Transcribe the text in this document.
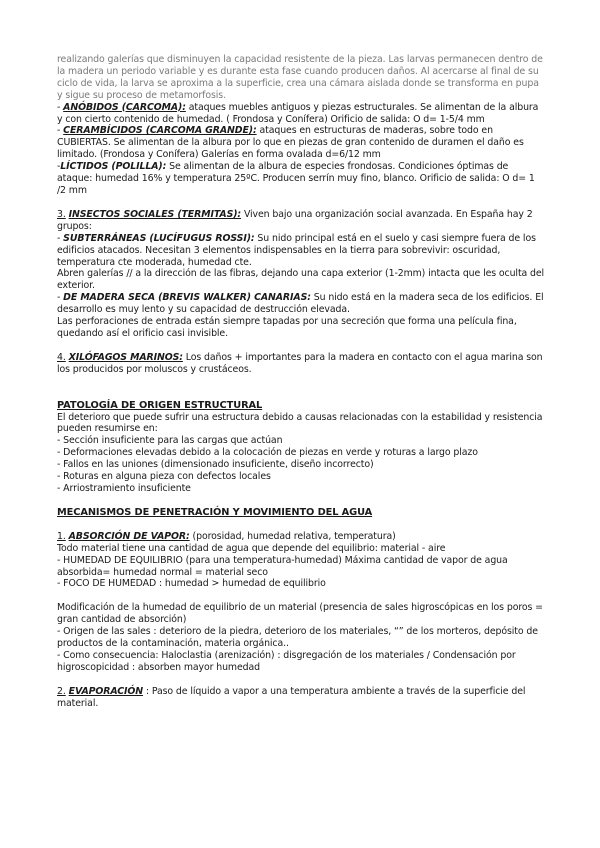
realizando galerías que disminuyen la capacidad resistente de la pieza. Las larvas permanecen dentro de la madera un periodo variable y es durante esta fase cuando producen daños. Al acercarse al final de su ciclo de vida, la larva se aproxima a la superficie, crea una cámara aislada donde se transforma en pupa y sigue su proceso de metamorfosis.

- ANÓBIDOS (CARCOMA): ataques muebles antiguos y piezas estructurales. Se alimentan de la albura y con cierto contenido de humedad. ( Frondosa y Conífera) Orificio de salida: O d= 1-5/4 mm

- CERAMBÍCIDOS (CARCOMA GRANDE): ataques en estructuras de maderas, sobre todo en CUBIERTAS. Se alimentan de la albura por lo que en piezas de gran contenido de duramen el daño es limitado. (Frondosa y Conífera) Galerías en forma ovalada d=6/12 mm

-LÍCTIDOS (POLILLA): Se alimentan de la albura de especies frondosas. Condiciones óptimas de ataque: humedad 16% y temperatura 25ºC. Producen serrín muy fino, blanco. Orificio de salida: O d= 1 /2 mm

3. INSECTOS SOCIALES (TERMITAS): Viven bajo una organización social avanzada. En España hay 2 grupos:

- SUBTERRÁNEAS (LUCÍFUGUS ROSSI): Su nido principal está en el suelo y casi siempre fuera de los edificios atacados. Necesitan 3 elementos indispensables en la tierra para sobrevivir: oscuridad, temperatura cte moderada, humedad cte.

Abren galerías // a la dirección de las fibras, dejando una capa exterior (1-2mm) intacta que les oculta del exterior.

- DE MADERA SECA (BREVIS WALKER) CANARIAS: Su nido está en la madera seca de los edificios. El desarrollo es muy lento y su capacidad de destrucción elevada.

Las perforaciones de entrada están siempre tapadas por una secreción que forma una película fina, quedando así el orificio casi invisible.

4. XILÓFAGOS MARINOS: Los daños + importantes para la madera en contacto con el agua marina son los producidos por moluscos y crustáceos.

PATOLOGÍA DE ORIGEN ESTRUCTURAL

El deterioro que puede sufrir una estructura debido a causas relacionadas con la estabilidad y resistencia pueden resumirse en:

- Sección insuficiente para las cargas que actúan

- Deformaciones elevadas debido a la colocación de piezas en verde y roturas a largo plazo

- Fallos en las uniones (dimensionado insuficiente, diseño incorrecto)

- Roturas en alguna pieza con defectos locales

- Arriostramiento insuficiente

MECANISMOS DE PENETRACIÓN Y MOVIMIENTO DEL AGUA

1. ABSORCIÓN DE VAPOR: (porosidad, humedad relativa, temperatura)

Todo material tiene una cantidad de agua que depende del equilibrio: material - aire

- HUMEDAD DE EQUILIBRIO (para una temperatura-humedad) Máxima cantidad de vapor de agua absorbida= humedad normal = material seco

- FOCO DE HUMEDAD : humedad > humedad de equilibrio

Modificación de la humedad de equilibrio de un material (presencia de sales higroscópicas en los poros = gran cantidad de absorción)

- Origen de las sales : deterioro de la piedra, deterioro de los materiales, “” de los morteros, depósito de productos de la contaminación, materia orgánica..

- Como consecuencia: Haloclastia (arenización) : disgregación de los materiales / Condensación por higroscopicidad : absorben mayor humedad

2. EVAPORACIÓN : Paso de líquido a vapor a una temperatura ambiente a través de la superficie del material.
